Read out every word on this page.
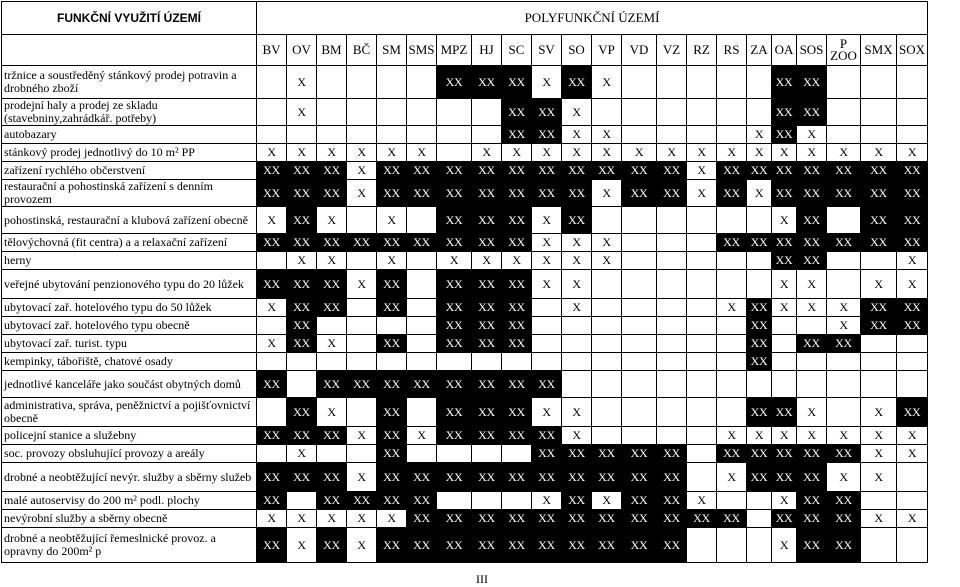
FUNKČNÍ VYUŽITÍ ÚZEMÍ	POLYFUNKČNÍ ÚZEMÍ																					
	BV	OV	BM	BČ	SM	SMS	MPZ	HJ	SC	SV	SO	VP	VD	VZ	RZ	RS	ZA	OA	SOS	P ZOO	SMX	SOX
tržnice a soustředěný stánkový prodej potravin a drobného zboží		X					XX	XX	XX	X	XX	X						XX	XX			
prodejní haly a prodej ze skladu (stavebniny,zahrádkář. potřeby)		X							XX	XX	X							XX	XX			
autobazary									XX	XX	X	X					X	XX	X			
stánkový prodej jednotlivý do 10 m² PP	X	X	X	X	X	X		X	X	X	X	X	X	X	X	X	X	X	X	X	X	X
zařízení rychlého občerstvení	XX	XX	XX	X	XX	XX	XX	XX	XX	XX	XX	XX	XX	XX	X	XX	XX	XX	XX	XX	XX	XX
restaurační a pohostinská zařízení s denním provozem	XX	XX	XX	X	XX	XX	XX	XX	XX	XX	XX	X	XX	XX	X	XX	X	XX	XX	XX	XX	XX
pohostinská, restaurační a klubová zařízení obecně	X	XX	X		X		XX	XX	XX	X	XX							X	XX		XX	XX
tělovýchovná (fit centra) a a relaxační zařízení	XX	XX	XX	XX	XX	XX	XX	XX	XX	X	X	X				XX	XX	XX	XX	XX	XX	XX
herny		X	X		X		X	X	X	X	X	X						XX	XX			X
veřejné ubytování penzionového typu do 20 lůžek	XX	XX	XX	X	XX		XX	XX	XX	X	X							X	X		X	X
ubytovací zař. hotelového typu do 50 lůžek	X	XX	XX		XX		XX	XX	XX		X					X	XX	X	X	X	XX	XX
ubytovací zař. hotelového typu obecně		XX					XX	XX	XX								XX			X	XX	XX
ubytovací zař. turist. typu	X	XX	X		XX		XX	XX	XX								XX		XX	XX		
kempinky, tábořiště, chatové osady																	XX					
jednotlivé kanceláře jako součást obytných domů	XX		XX	XX	XX	XX	XX	XX	XX	XX												
administrativa, správa, peněžnictví a pojišťovnictví obecně		XX	X		XX		XX	XX	XX	X	X						XX	XX	X		X	XX
policejní stanice a služebny	XX	XX	XX	X	XX	X	XX	XX	XX	XX	X					X	X	X	X	X	X	X
soc. provozy obsluhující provozy a areály		X			XX					XX	XX	XX	XX	XX		XX	XX	XX	XX	XX	X	X
drobné a neobtěžující nevýr. služby a sběrny služeb	XX	XX	XX	X	XX	XX	XX	XX	XX	XX	XX	XX	XX	XX		X	XX	XX	XX	X	X	
malé autoservisy do 200 m² podl. plochy	XX		XX	XX	XX	XX				X	XX	X	XX	XX	X			X	XX	XX		
nevýrobní služby a sběrny obecně	X	X	X	X	X	XX	XX	XX	XX	XX	XX	XX	XX	XX	XX	XX		XX	XX	XX	X	X
drobné a neobtěžující řemeslnické provoz. a opravny do 200m² p	XX	X	XX	X	XX	XX	XX	XX	XX	XX	XX	XX	XX	XX				X	XX	XX		
III
